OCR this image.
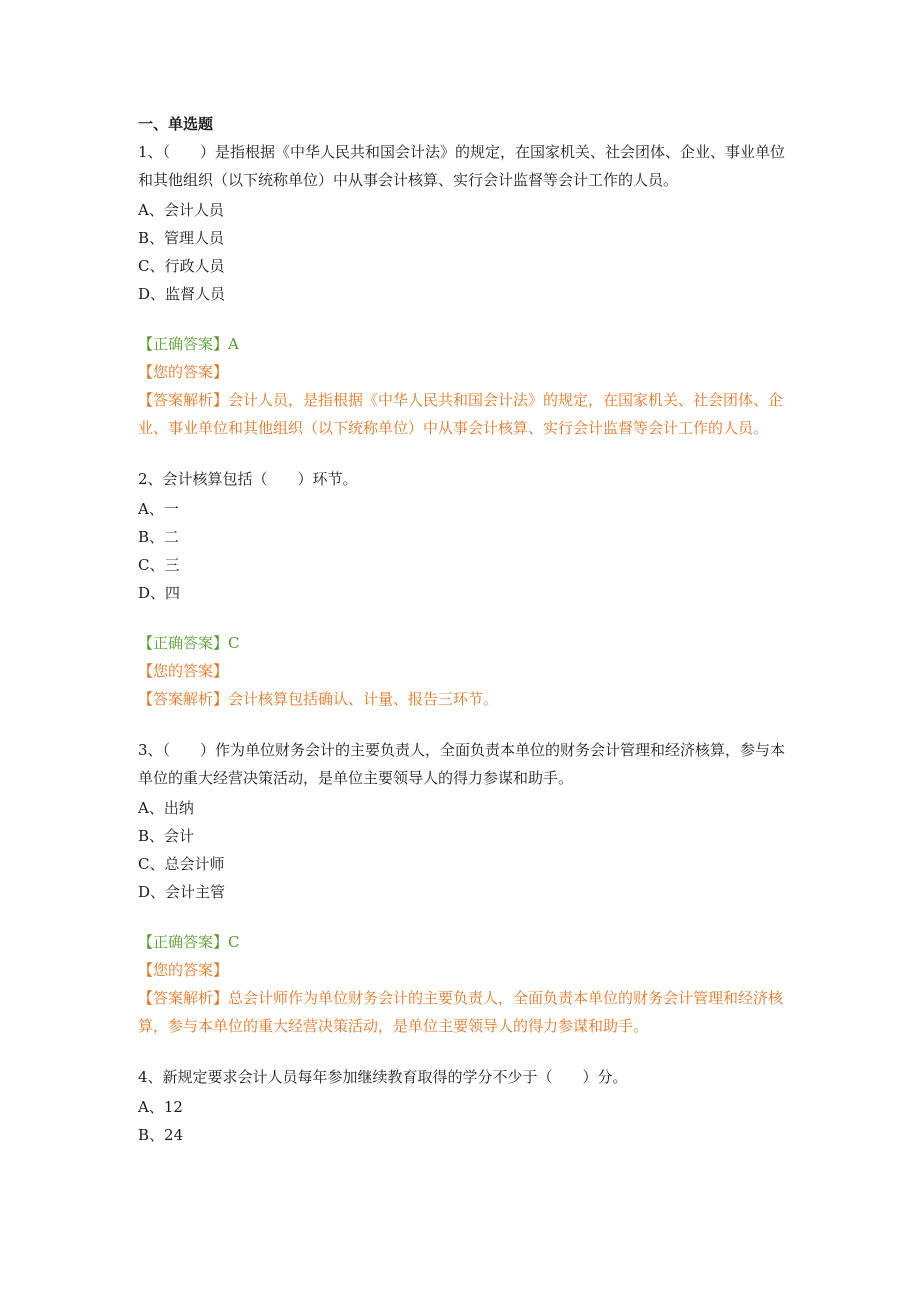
一、单选题

1、（　　）是指根据《中华人民共和国会计法》的规定，在国家机关、社会团体、企业、事业单位和其他组织（以下统称单位）中从事会计核算、实行会计监督等会计工作的人员。

A、会计人员

B、管理人员

C、行政人员

D、监督人员

【正确答案】A

【您的答案】

【答案解析】会计人员，是指根据《中华人民共和国会计法》的规定，在国家机关、社会团体、企业、事业单位和其他组织（以下统称单位）中从事会计核算、实行会计监督等会计工作的人员。

2、会计核算包括（　　）环节。

A、一

B、二

C、三

D、四

【正确答案】C

【您的答案】

【答案解析】会计核算包括确认、计量、报告三环节。

3、（　　）作为单位财务会计的主要负责人，全面负责本单位的财务会计管理和经济核算，参与本单位的重大经营决策活动，是单位主要领导人的得力参谋和助手。

A、出纳

B、会计

C、总会计师

D、会计主管

【正确答案】C

【您的答案】

【答案解析】总会计师作为单位财务会计的主要负责人，全面负责本单位的财务会计管理和经济核算，参与本单位的重大经营决策活动，是单位主要领导人的得力参谋和助手。

4、新规定要求会计人员每年参加继续教育取得的学分不少于（　　）分。

A、12

B、24
